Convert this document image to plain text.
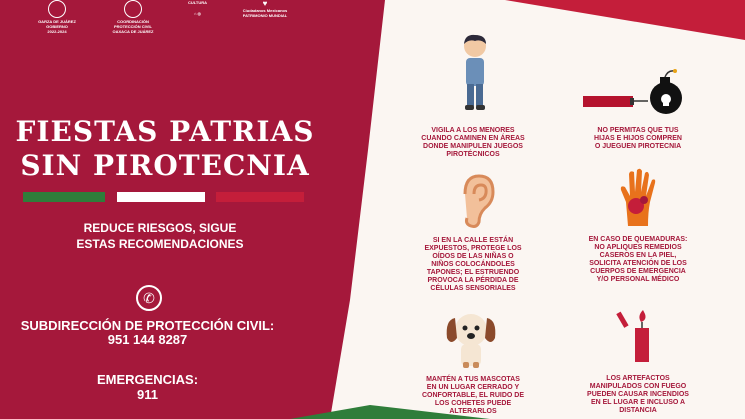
GARZA DE JUÁREZ
GOBIERNO
2022-2024
COORDINACIÓN
PROTECCIÓN CIVIL
OAXACA DE JUÁREZ
CULTURA
⌂ ◎
♥
Ciudadanos Mexicanos
PATRIMONIO MUNDIAL
FIESTAS PATRIAS
SIN PIROTECNIA
REDUCE RIESGOS, SIGUE
ESTAS RECOMENDACIONES
✆
SUBDIRECCIÓN DE PROTECCIÓN CIVIL:
951 144 8287
EMERGENCIAS:
911
VIGILA A LOS MENORES
CUANDO CAMINEN EN ÁREAS
DONDE MANIPULEN JUEGOS
PIROTÉCNICOS
NO PERMITAS QUE TUS
HIJAS E HIJOS COMPREN
O JUEGUEN PIROTECNIA
SI EN LA CALLE ESTÁN
EXPUESTOS, PROTEGE LOS
OÍDOS DE LAS NIÑAS O
NIÑOS COLOCÁNDOLES
TAPONES; EL ESTRUENDO
PROVOCA LA PÉRDIDA DE
CÉLULAS SENSORIALES
EN CASO DE QUEMADURAS:
NO APLIQUES REMEDIOS
CASEROS EN LA PIEL,
SOLICITA ATENCIÓN DE LOS
CUERPOS DE EMERGENCIA
Y/O PERSONAL MÉDICO
MANTÉN A TUS MASCOTAS
EN UN LUGAR CERRADO Y
CONFORTABLE, EL RUIDO DE
LOS COHETES PUEDE
ALTERARLOS
LOS ARTEFACTOS
MANIPULADOS CON FUEGO
PUEDEN CAUSAR INCENDIOS
EN EL LUGAR E INCLUSO A
DISTANCIA
